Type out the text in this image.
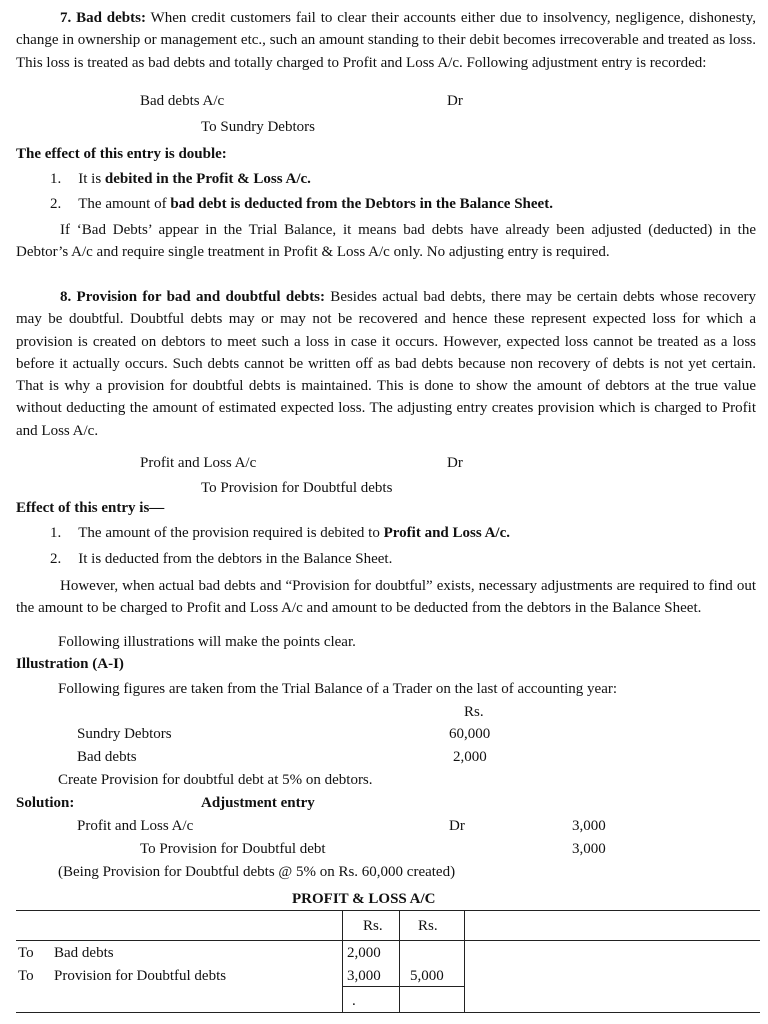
7. Bad debts: When credit customers fail to clear their accounts either due to insolvency, negligence, dishonesty, change in ownership or management etc., such an amount standing to their debit becomes irrecoverable and treated as loss. This loss is treated as bad debts and totally charged to Profit and Loss A/c. Following adjustment entry is recorded:
Bad debts A/c	Dr
To Sundry Debtors
The effect of this entry is double:
1. It is debited in the Profit & Loss A/c.
2. The amount of bad debt is deducted from the Debtors in the Balance Sheet.
If ‘Bad Debts’ appear in the Trial Balance, it means bad debts have already been adjusted (deducted) in the Debtor’s A/c and require single treatment in Profit & Loss A/c only. No adjusting entry is required.
8. Provision for bad and doubtful debts: Besides actual bad debts, there may be certain debts whose recovery may be doubtful. Doubtful debts may or may not be recovered and hence these represent expected loss for which a provision is created on debtors to meet such a loss in case it occurs. However, expected loss cannot be treated as a loss before it actually occurs. Such debts cannot be written off as bad debts because non recovery of debts is not yet certain. That is why a provision for doubtful debts is maintained. This is done to show the amount of debtors at the true value without deducting the amount of estimated expected loss. The adjusting entry creates provision which is charged to Profit and Loss A/c.
Profit and Loss A/c	Dr
To Provision for Doubtful debts
Effect of this entry is—
1. The amount of the provision required is debited to Profit and Loss A/c.
2. It is deducted from the debtors in the Balance Sheet.
However, when actual bad debts and “Provision for doubtful” exists, necessary adjustments are required to find out the amount to be charged to Profit and Loss A/c and amount to be deducted from the debtors in the Balance Sheet.
Following illustrations will make the points clear.
Illustration (A-I)
Following figures are taken from the Trial Balance of a Trader on the last of accounting year:
Rs.
Sundry Debtors	60,000
Bad debts	2,000
Create Provision for doubtful debt at 5% on debtors.
Solution:	Adjustment entry
Profit and Loss A/c	Dr	3,000
To Provision for Doubtful debt	3,000
(Being Provision for Doubtful debts @ 5% on Rs. 60,000 created)
PROFIT & LOSS A/C
Rs. Rs.
To Bad debts	2,000
To Provision for Doubtful debts	3,000 5,000
.
